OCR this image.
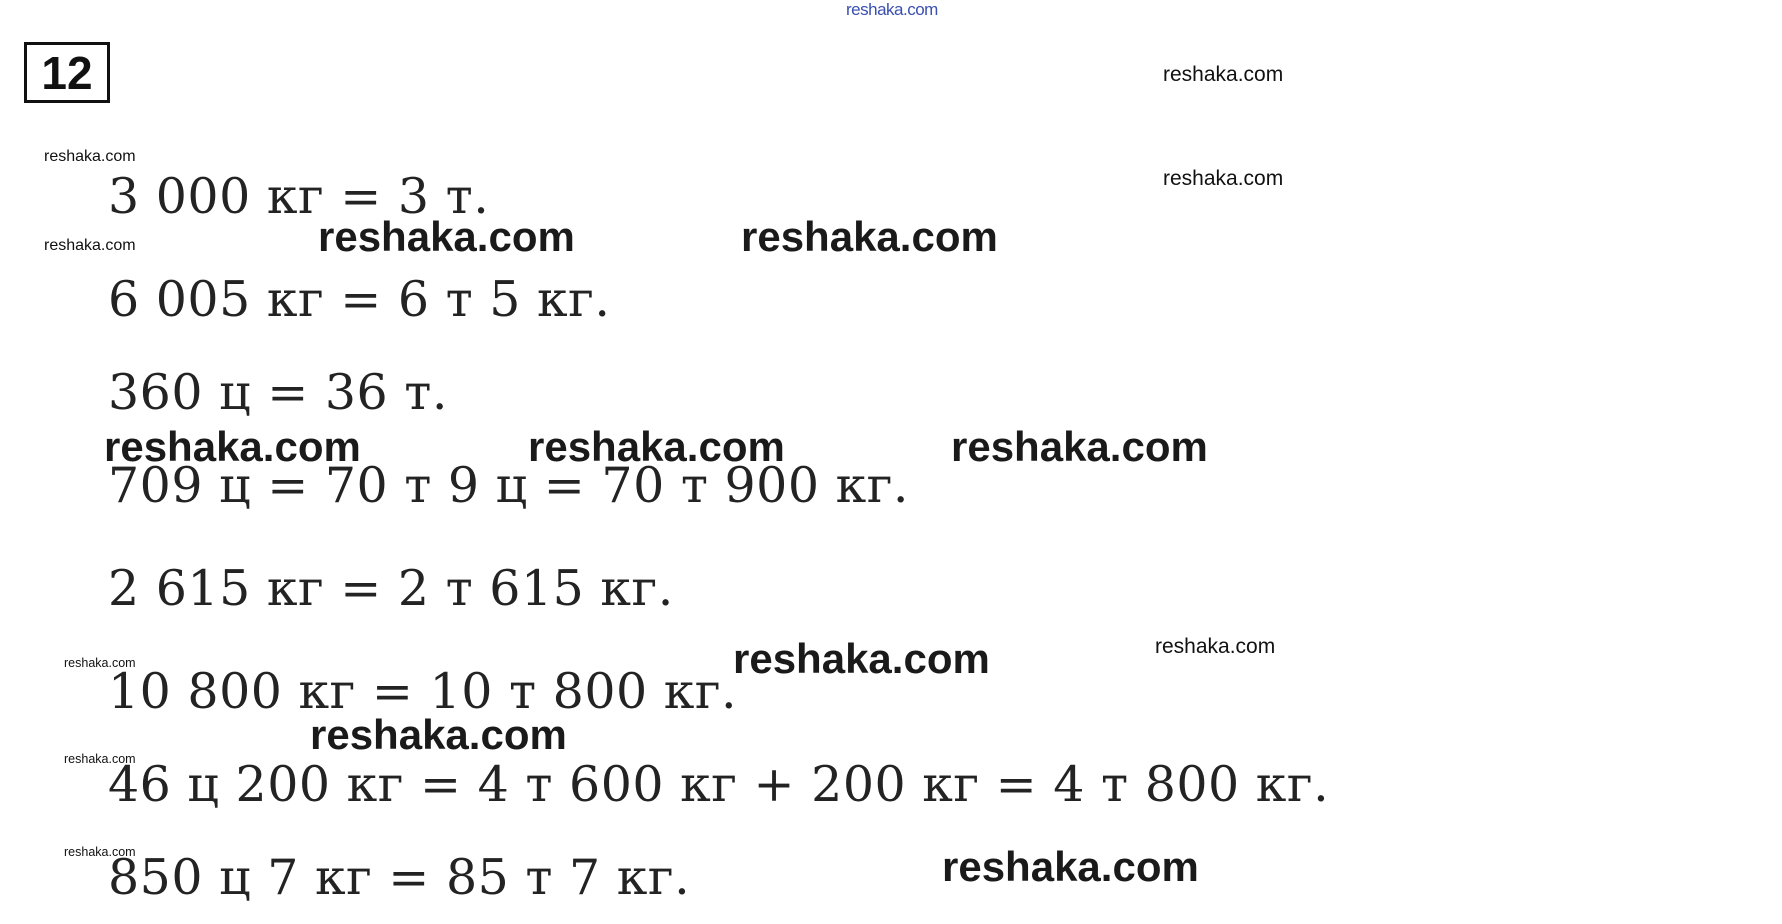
reshaka.com
12
3 000 кг = 3 т.
6 005 кг = 6 т 5 кг.
360 ц = 36 т.
709 ц = 70 т 9 ц = 70 т 900 кг.
2 615 кг = 2 т 615 кг.
10 800 кг = 10 т 800 кг.
46 ц 200 кг = 4 т 600 кг + 200 кг = 4 т 800 кг.
850 ц 7 кг = 85 т 7 кг.
reshaka.com
reshaka.com
reshaka.com
reshaka.com	reshaka.com	reshaka.com
reshaka.com	reshaka.com	reshaka.com
reshaka.com	reshaka.com
reshaka.com
reshaka.com
reshaka.com
reshaka.com	reshaka.com
